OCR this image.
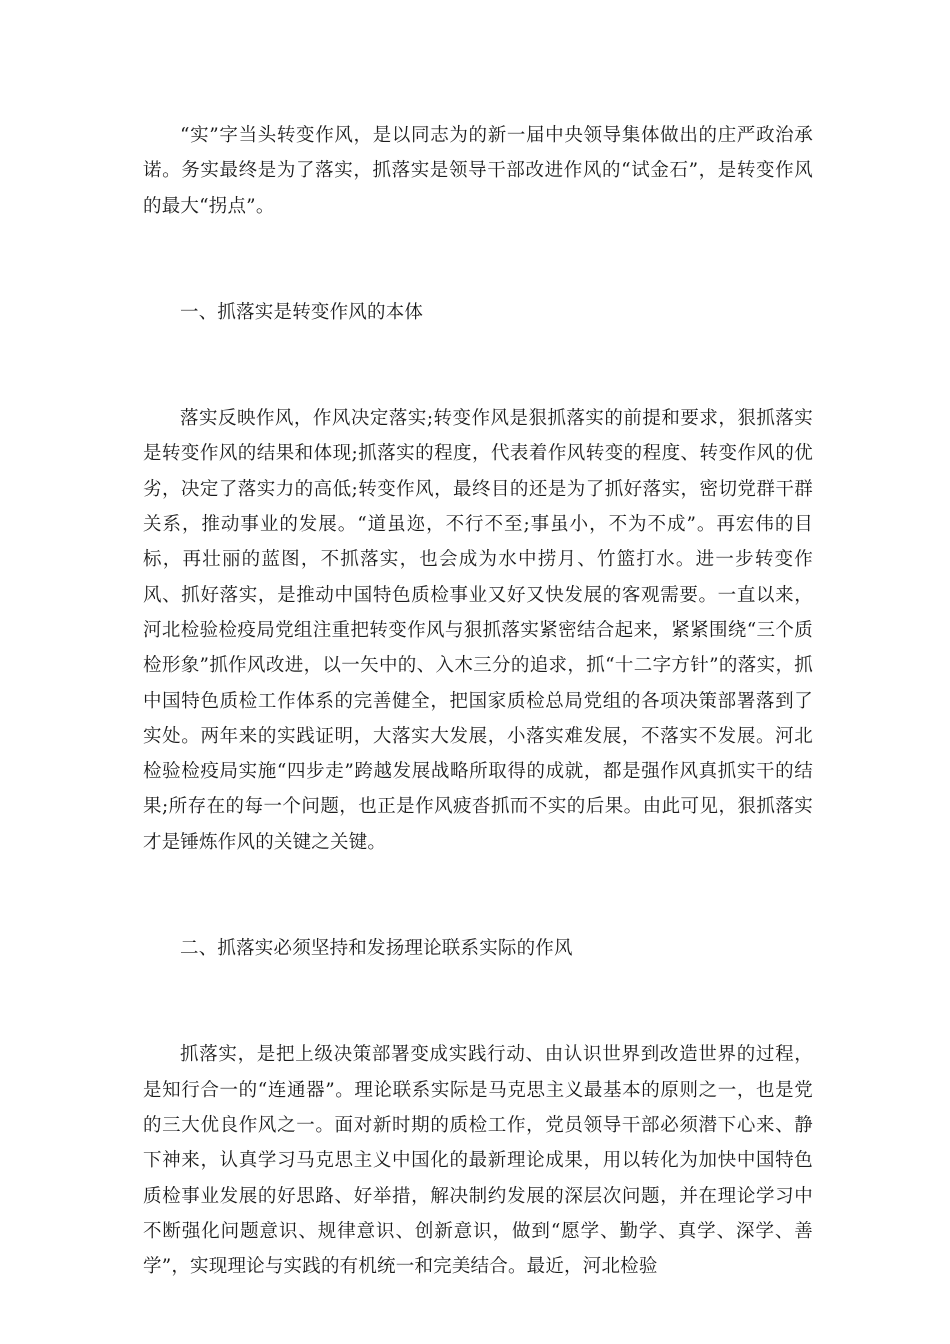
“实”字当头转变作风，是以同志为的新一届中央领导集体做出的庄严政治承诺。务实最终是为了落实，抓落实是领导干部改进作风的“试金石”，是转变作风的最大“拐点”。

一、抓落实是转变作风的本体

落实反映作风，作风决定落实;转变作风是狠抓落实的前提和要求，狠抓落实是转变作风的结果和体现;抓落实的程度，代表着作风转变的程度、转变作风的优劣，决定了落实力的高低;转变作风，最终目的还是为了抓好落实，密切党群干群关系，推动事业的发展。“道虽迩，不行不至;事虽小，不为不成”。再宏伟的目标，再壮丽的蓝图，不抓落实，也会成为水中捞月、竹篮打水。进一步转变作风、抓好落实，是推动中国特色质检事业又好又快发展的客观需要。一直以来，河北检验检疫局党组注重把转变作风与狠抓落实紧密结合起来，紧紧围绕“三个质检形象”抓作风改进，以一矢中的、入木三分的追求，抓“十二字方针”的落实，抓中国特色质检工作体系的完善健全，把国家质检总局党组的各项决策部署落到了实处。两年来的实践证明，大落实大发展，小落实难发展，不落实不发展。河北检验检疫局实施“四步走”跨越发展战略所取得的成就，都是强作风真抓实干的结果;所存在的每一个问题，也正是作风疲沓抓而不实的后果。由此可见，狠抓落实才是锤炼作风的关键之关键。

二、抓落实必须坚持和发扬理论联系实际的作风

抓落实，是把上级决策部署变成实践行动、由认识世界到改造世界的过程，是知行合一的“连通器”。理论联系实际是马克思主义最基本的原则之一，也是党的三大优良作风之一。面对新时期的质检工作，党员领导干部必须潜下心来、静下神来，认真学习马克思主义中国化的最新理论成果，用以转化为加快中国特色质检事业发展的好思路、好举措，解决制约发展的深层次问题，并在理论学习中不断强化问题意识、规律意识、创新意识，做到“愿学、勤学、真学、深学、善学”，实现理论与实践的有机统一和完美结合。最近，河北检验
